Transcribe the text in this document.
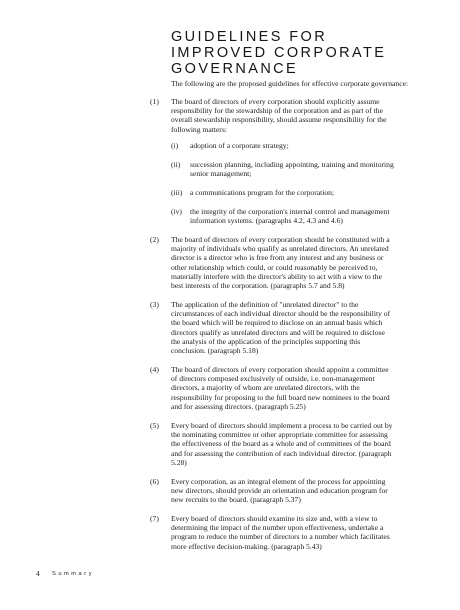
GUIDELINES FOR
IMPROVED CORPORATE
GOVERNANCE
The following are the proposed guidelines for effective corporate governance:
(1) The board of directors of every corporation should explicitly assume
responsibility for the stewardship of the corporation and as part of the
overall stewardship responsibility, should assume responsibility for the
following matters:
(i) adoption of a corporate strategy;
(ii) succession planning, including appointing, training and monitoring
senior management;
(iii) a communications program for the corporation;
(iv) the integrity of the corporation's internal control and management
information systems. (paragraphs 4.2, 4.3 and 4.6)
(2) The board of directors of every corporation should be constituted with a
majority of individuals who qualify as unrelated directors. An unrelated
director is a director who is free from any interest and any business or
other relationship which could, or could reasonably be perceived to,
materially interfere with the director's ability to act with a view to the
best interests of the corporation. (paragraphs 5.7 and 5.8)
(3) The application of the definition of "unrelated director" to the
circumstances of each individual director should be the responsibility of
the board which will be required to disclose on an annual basis which
directors qualify as unrelated directors and will be required to disclose
the analysis of the application of the principles supporting this
conclusion. (paragraph 5.18)
(4) The board of directors of every corporation should appoint a committee
of directors composed exclusively of outside, i.e. non-management
directors, a majority of whom are unrelated directors, with the
responsibility for proposing to the full board new nominees to the board
and for assessing directors. (paragraph 5.25)
(5) Every board of directors should implement a process to be carried out by
the nominating committee or other appropriate committee for assessing
the effectiveness of the board as a whole and of committees of the board
and for assessing the contribution of each individual director. (paragraph
5.28)
(6) Every corporation, as an integral element of the process for appointing
new directors, should provide an orientation and education program for
new recruits to the board. (paragraph 5.37)
(7) Every board of directors should examine its size and, with a view to
determining the impact of the number upon effectiveness, undertake a
program to reduce the number of directors to a number which facilitates
more effective decision-making. (paragraph 5.43)
4 Summary
